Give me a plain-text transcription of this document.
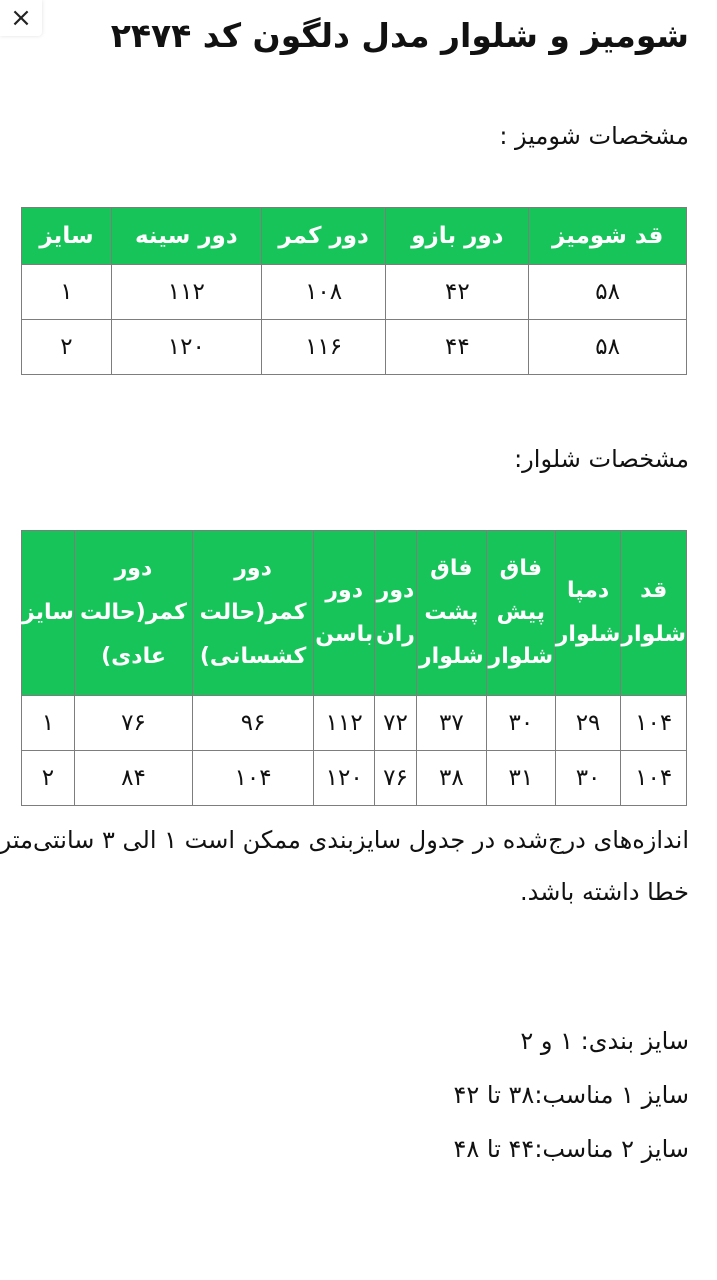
× شومیز و شلوار مدل دلگون کد ۲۴۷۴
مشخصات شومیز :
قد شومیز	دور بازو	دور کمر	دور سینه	سایز
۵۸	۴۲	۱۰۸	۱۱۲	۱
۵۸	۴۴	۱۱۶	۱۲۰	۲
مشخصات شلوار:
قد شلوار	دمپا شلوار	فاق پیش شلوار	فاق پشت شلوار	دور ران	دور باسن	دور کمر(حالت کشسانی)	دور کمر(حالت عادی)	سایز
۱۰۴	۲۹	۳۰	۳۷	۷۲	۱۱۲	۹۶	۷۶	۱
۱۰۴	۳۰	۳۱	۳۸	۷۶	۱۲۰	۱۰۴	۸۴	۲

اندازه‌های درج‌شده در جدول سایزبندی ممکن است ۱ الی ۳ سانتی‌متر خطا داشته باشد.

سایز بندی: ۱ و ۲

سایز ۱ مناسب:۳۸ تا ۴۲

سایز ۲ مناسب:۴۴ تا ۴۸
